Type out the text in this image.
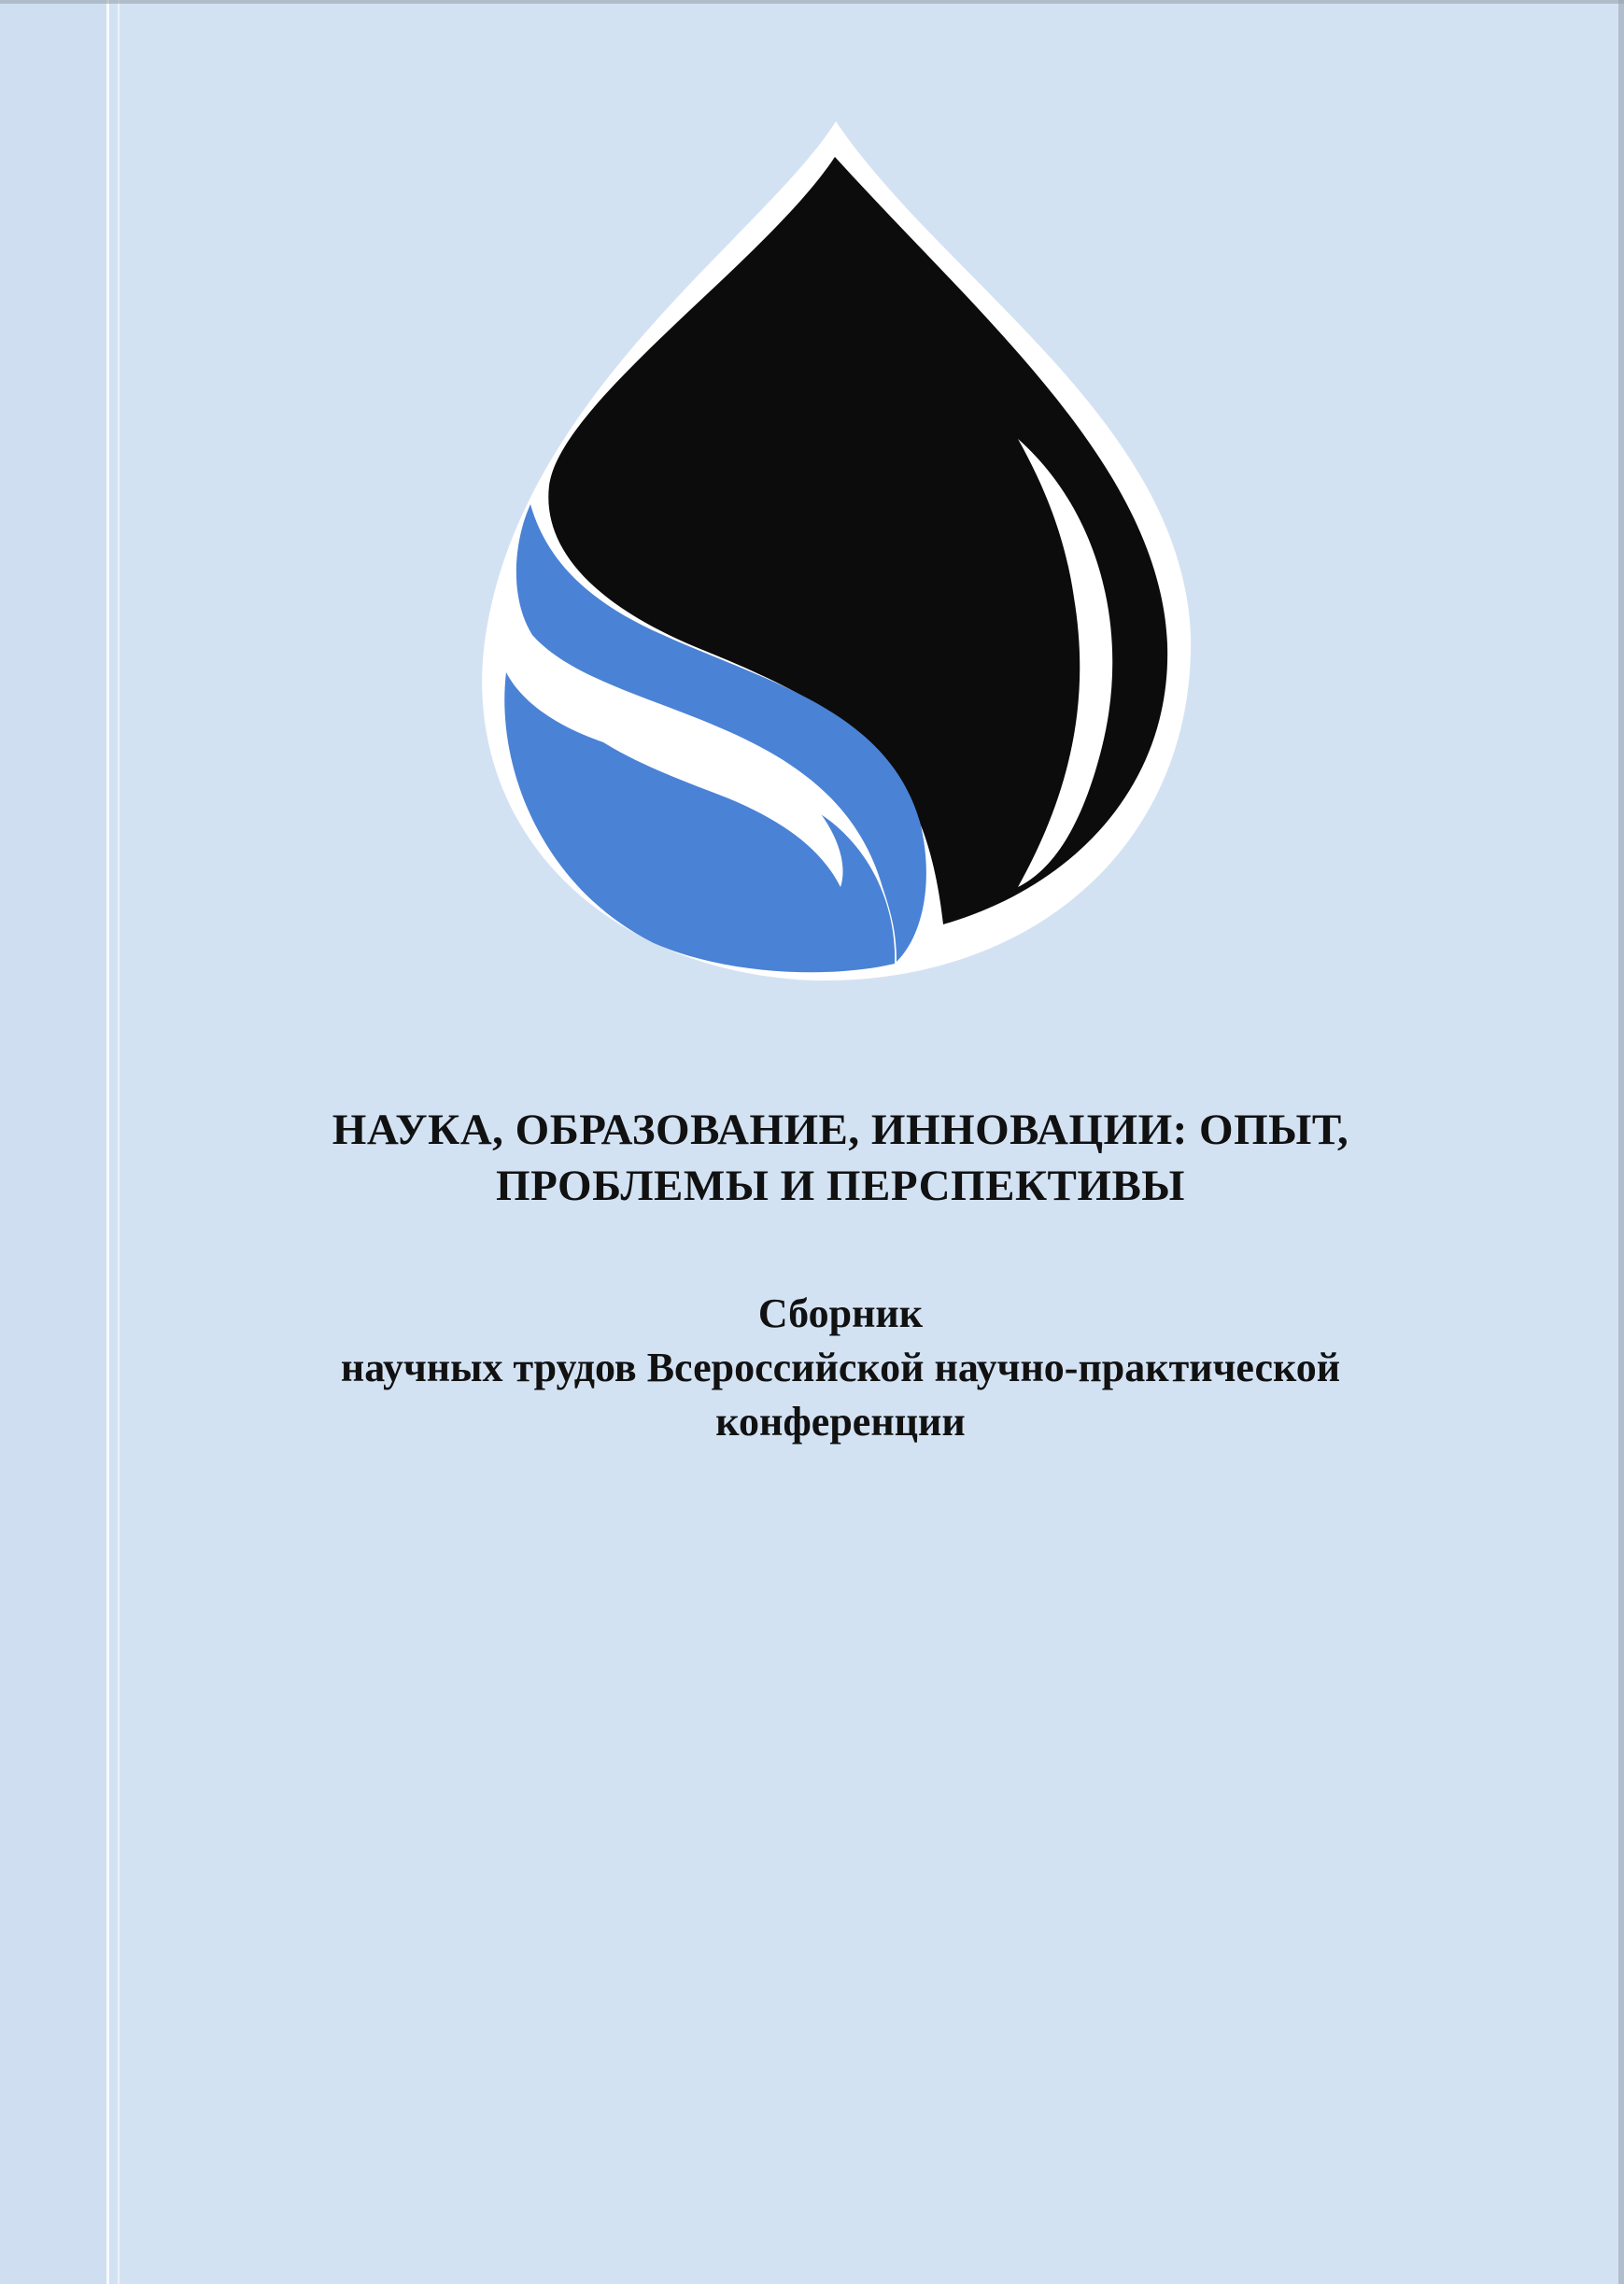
НАУКА, ОБРАЗОВАНИЕ, ИННОВАЦИИ: ОПЫТ,
ПРОБЛЕМЫ И ПЕРСПЕКТИВЫ
Сборник
научных трудов Всероссийской научно-практической
конференции
